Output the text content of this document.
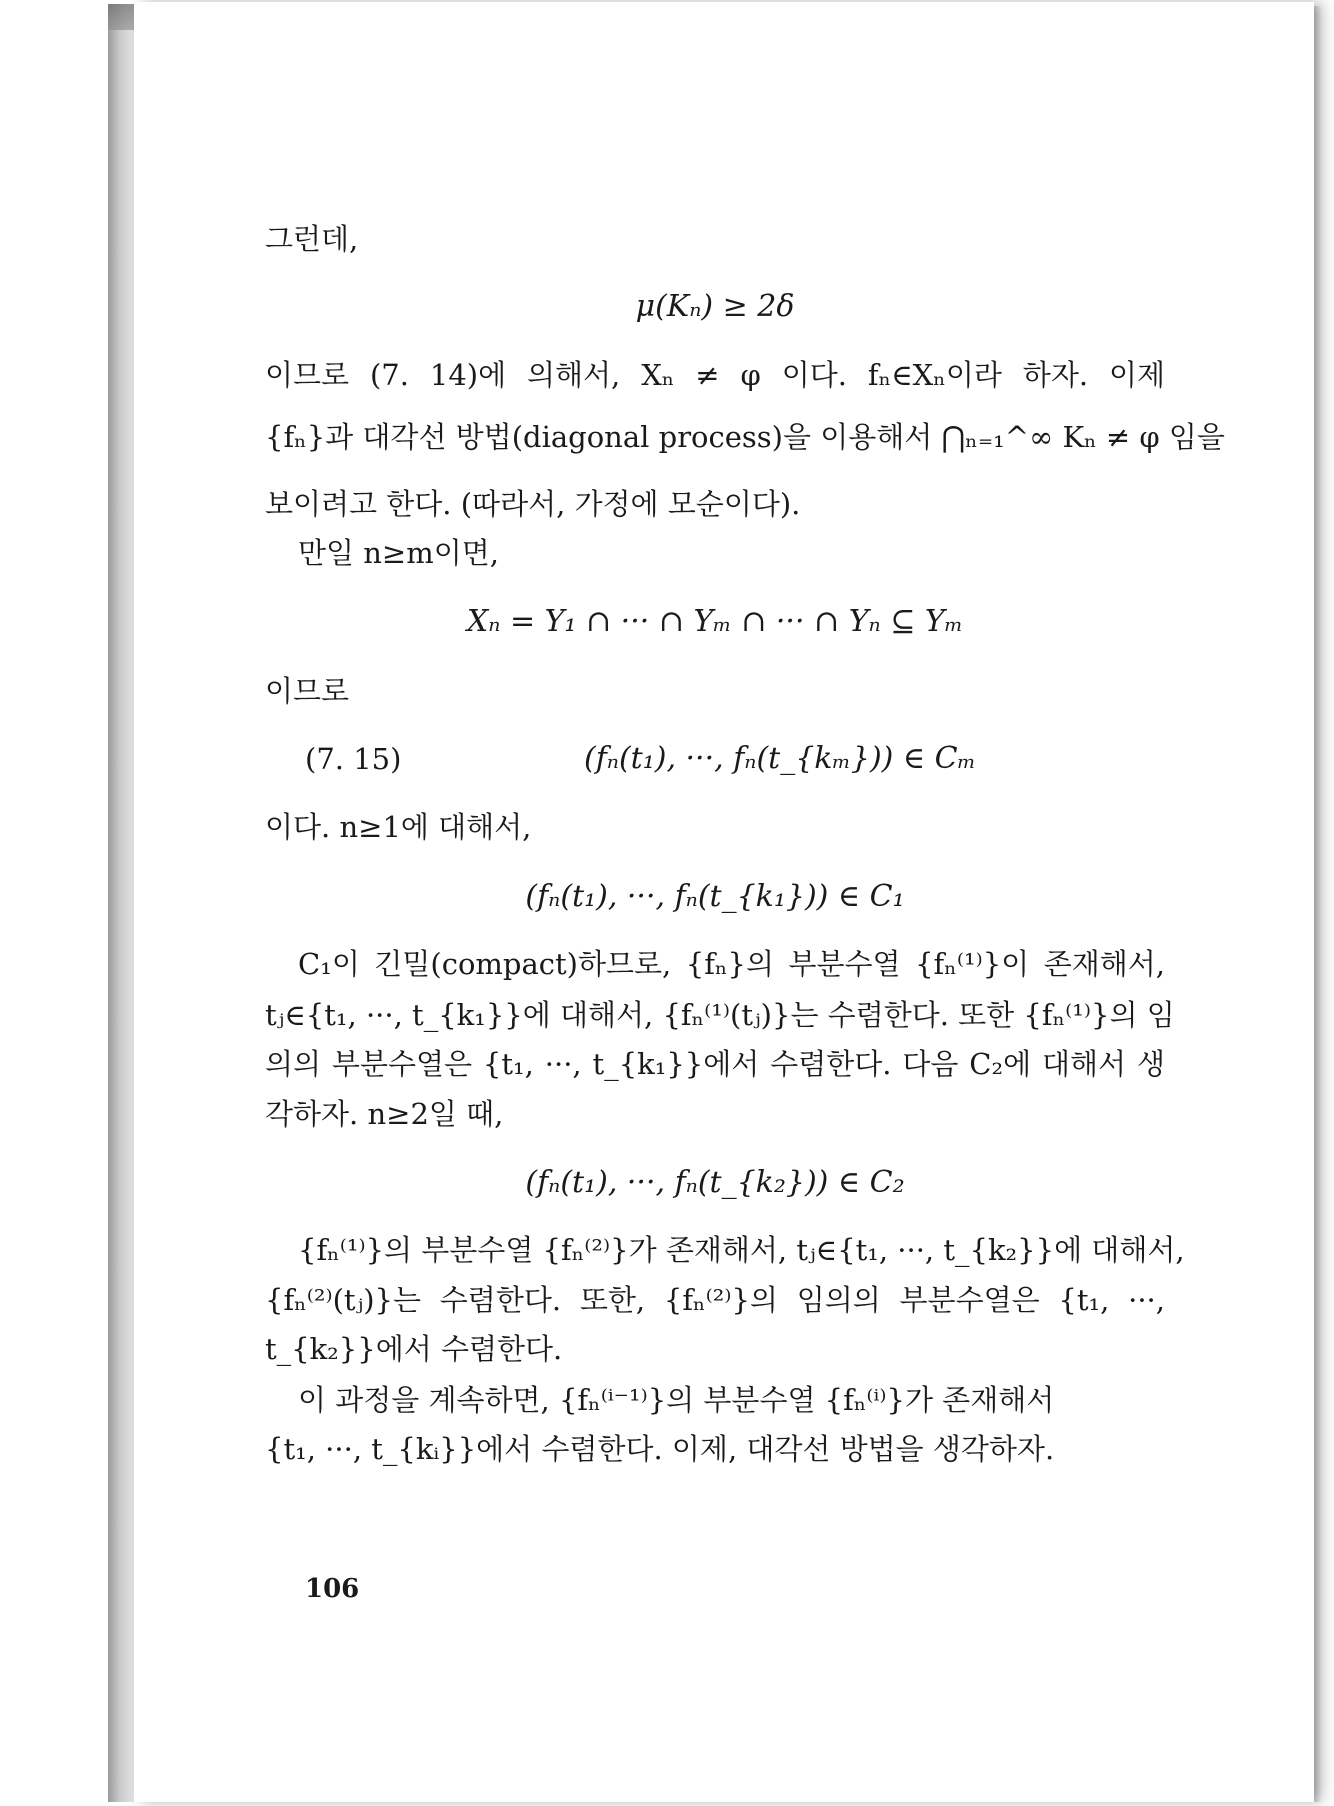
그런데,
μ(Kₙ) ≥ 2δ
이므로 (7. 14)에 의해서, Xₙ ≠ φ 이다. fₙ∈Xₙ이라 하자. 이제
{fₙ}과 대각선 방법(diagonal process)을 이용해서 ⋂ₙ₌₁^∞ Kₙ ≠ φ 임을
보이려고 한다. (따라서, 가정에 모순이다).
만일 n≥m이면,
Xₙ = Y₁ ∩ ··· ∩ Yₘ ∩ ··· ∩ Yₙ ⊆ Yₘ
이므로
(7. 15)	(fₙ(t₁), ···, fₙ(t_{kₘ})) ∈ Cₘ
이다. n≥1에 대해서,
(fₙ(t₁), ···, fₙ(t_{k₁})) ∈ C₁
C₁이 긴밀(compact)하므로, {fₙ}의 부분수열 {fₙ⁽¹⁾}이 존재해서,
tⱼ∈{t₁, ···, t_{k₁}}에 대해서, {fₙ⁽¹⁾(tⱼ)}는 수렴한다. 또한 {fₙ⁽¹⁾}의 임
의의 부분수열은 {t₁, ···, t_{k₁}}에서 수렴한다. 다음 C₂에 대해서 생
각하자. n≥2일 때,
(fₙ(t₁), ···, fₙ(t_{k₂})) ∈ C₂
{fₙ⁽¹⁾}의 부분수열 {fₙ⁽²⁾}가 존재해서, tⱼ∈{t₁, ···, t_{k₂}}에 대해서,
{fₙ⁽²⁾(tⱼ)}는 수렴한다. 또한, {fₙ⁽²⁾}의 임의의 부분수열은 {t₁, ···,
t_{k₂}}에서 수렴한다.
이 과정을 계속하면, {fₙ⁽ⁱ⁻¹⁾}의 부분수열 {fₙ⁽ⁱ⁾}가 존재해서
{t₁, ···, t_{kᵢ}}에서 수렴한다. 이제, 대각선 방법을 생각하자.
106
